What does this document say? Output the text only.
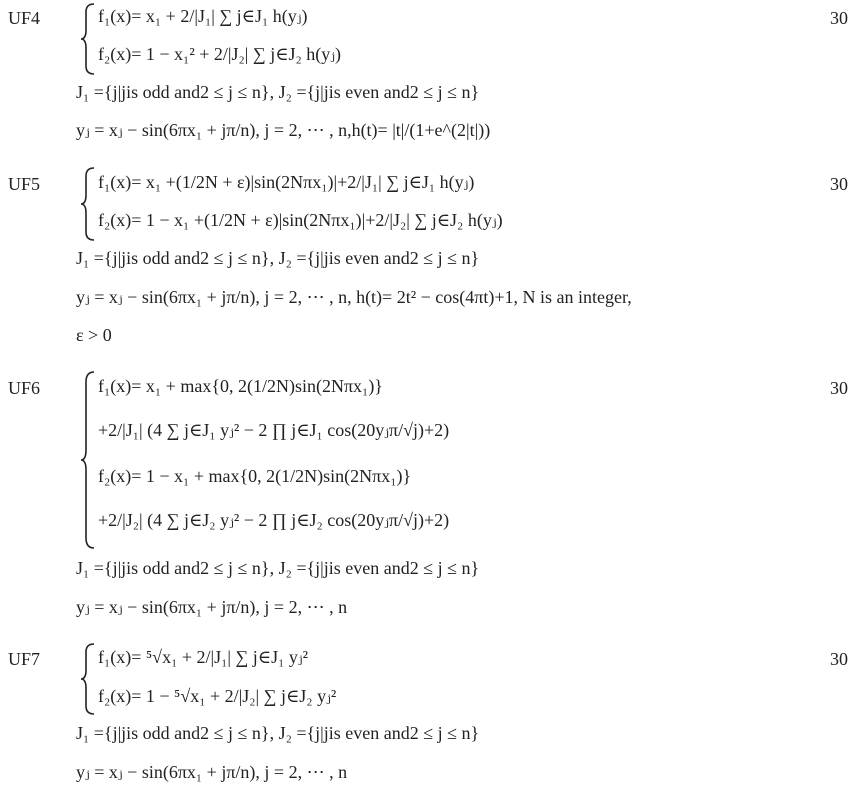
UF4	30
f₁(x)= x₁ + 2/|J₁| ∑ j∈J₁ h(yⱼ)
f₂(x)= 1 − x₁² + 2/|J₂| ∑ j∈J₂ h(yⱼ)
J₁ ={j|jis odd and2 ≤ j ≤ n}, J₂ ={j|jis even and2 ≤ j ≤ n}
yⱼ = xⱼ − sin(6πx₁ + jπ/n), j = 2, ⋯ , n,h(t)= |t|/(1+e^(2|t|))
UF5	30
f₁(x)= x₁ +(1/2N + ε)|sin(2Nπx₁)|+2/|J₁| ∑ j∈J₁ h(yⱼ)
f₂(x)= 1 − x₁ +(1/2N + ε)|sin(2Nπx₁)|+2/|J₂| ∑ j∈J₂ h(yⱼ)
J₁ ={j|jis odd and2 ≤ j ≤ n}, J₂ ={j|jis even and2 ≤ j ≤ n}
yⱼ = xⱼ − sin(6πx₁ + jπ/n), j = 2, ⋯ , n, h(t)= 2t² − cos(4πt)+1, N is an integer,
ε > 0
UF6	30
f₁(x)= x₁ + max{0, 2(1/2N)sin(2Nπx₁)}
+2/|J₁| (4 ∑ j∈J₁ yⱼ² − 2 ∏ j∈J₁ cos(20yⱼπ/√j)+2)
f₂(x)= 1 − x₁ + max{0, 2(1/2N)sin(2Nπx₁)}
+2/|J₂| (4 ∑ j∈J₂ yⱼ² − 2 ∏ j∈J₂ cos(20yⱼπ/√j)+2)
J₁ ={j|jis odd and2 ≤ j ≤ n}, J₂ ={j|jis even and2 ≤ j ≤ n}
yⱼ = xⱼ − sin(6πx₁ + jπ/n), j = 2, ⋯ , n
UF7	30
f₁(x)= ⁵√x₁ + 2/|J₁| ∑ j∈J₁ yⱼ²
f₂(x)= 1 − ⁵√x₁ + 2/|J₂| ∑ j∈J₂ yⱼ²
J₁ ={j|jis odd and2 ≤ j ≤ n}, J₂ ={j|jis even and2 ≤ j ≤ n}
yⱼ = xⱼ − sin(6πx₁ + jπ/n), j = 2, ⋯ , n
